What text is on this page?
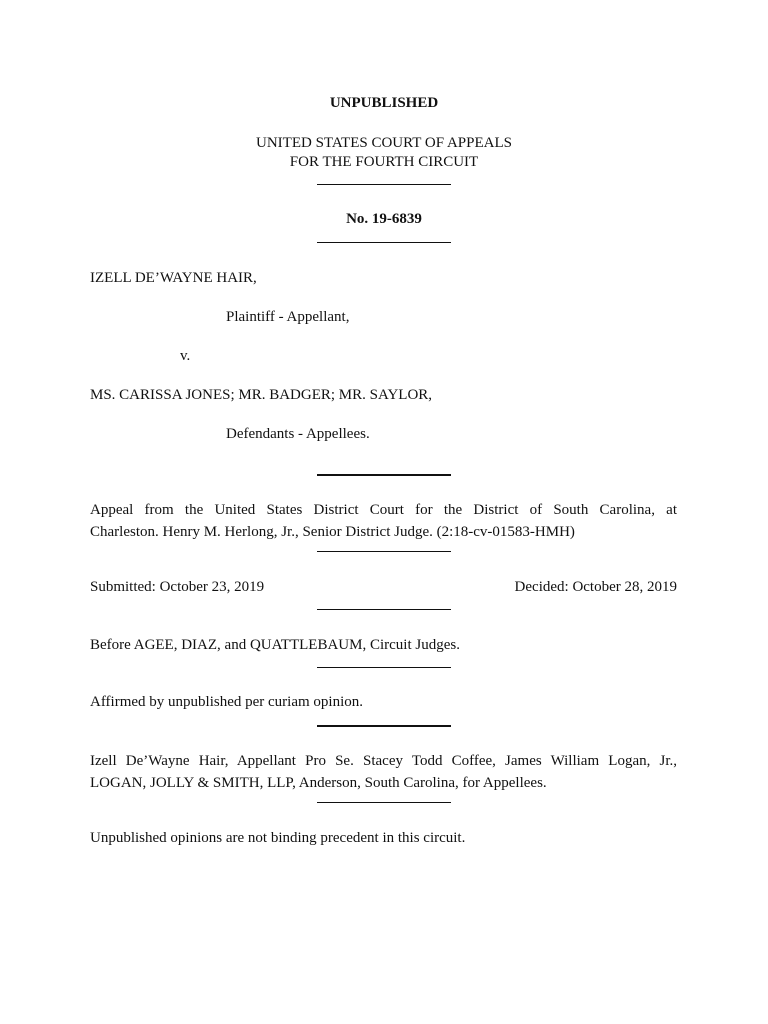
UNPUBLISHED
UNITED STATES COURT OF APPEALS
FOR THE FOURTH CIRCUIT
No. 19-6839
IZELL DE’WAYNE HAIR,
Plaintiff - Appellant,
v.
MS. CARISSA JONES; MR. BADGER; MR. SAYLOR,
Defendants - Appellees.
Appeal from the United States District Court for the District of South Carolina, at
Charleston. Henry M. Herlong, Jr., Senior District Judge. (2:18-cv-01583-HMH)
Submitted: October 23, 2019	Decided: October 28, 2019
Before AGEE, DIAZ, and QUATTLEBAUM, Circuit Judges.
Affirmed by unpublished per curiam opinion.
Izell De’Wayne Hair, Appellant Pro Se. Stacey Todd Coffee, James William Logan, Jr.,
LOGAN, JOLLY & SMITH, LLP, Anderson, South Carolina, for Appellees.
Unpublished opinions are not binding precedent in this circuit.
